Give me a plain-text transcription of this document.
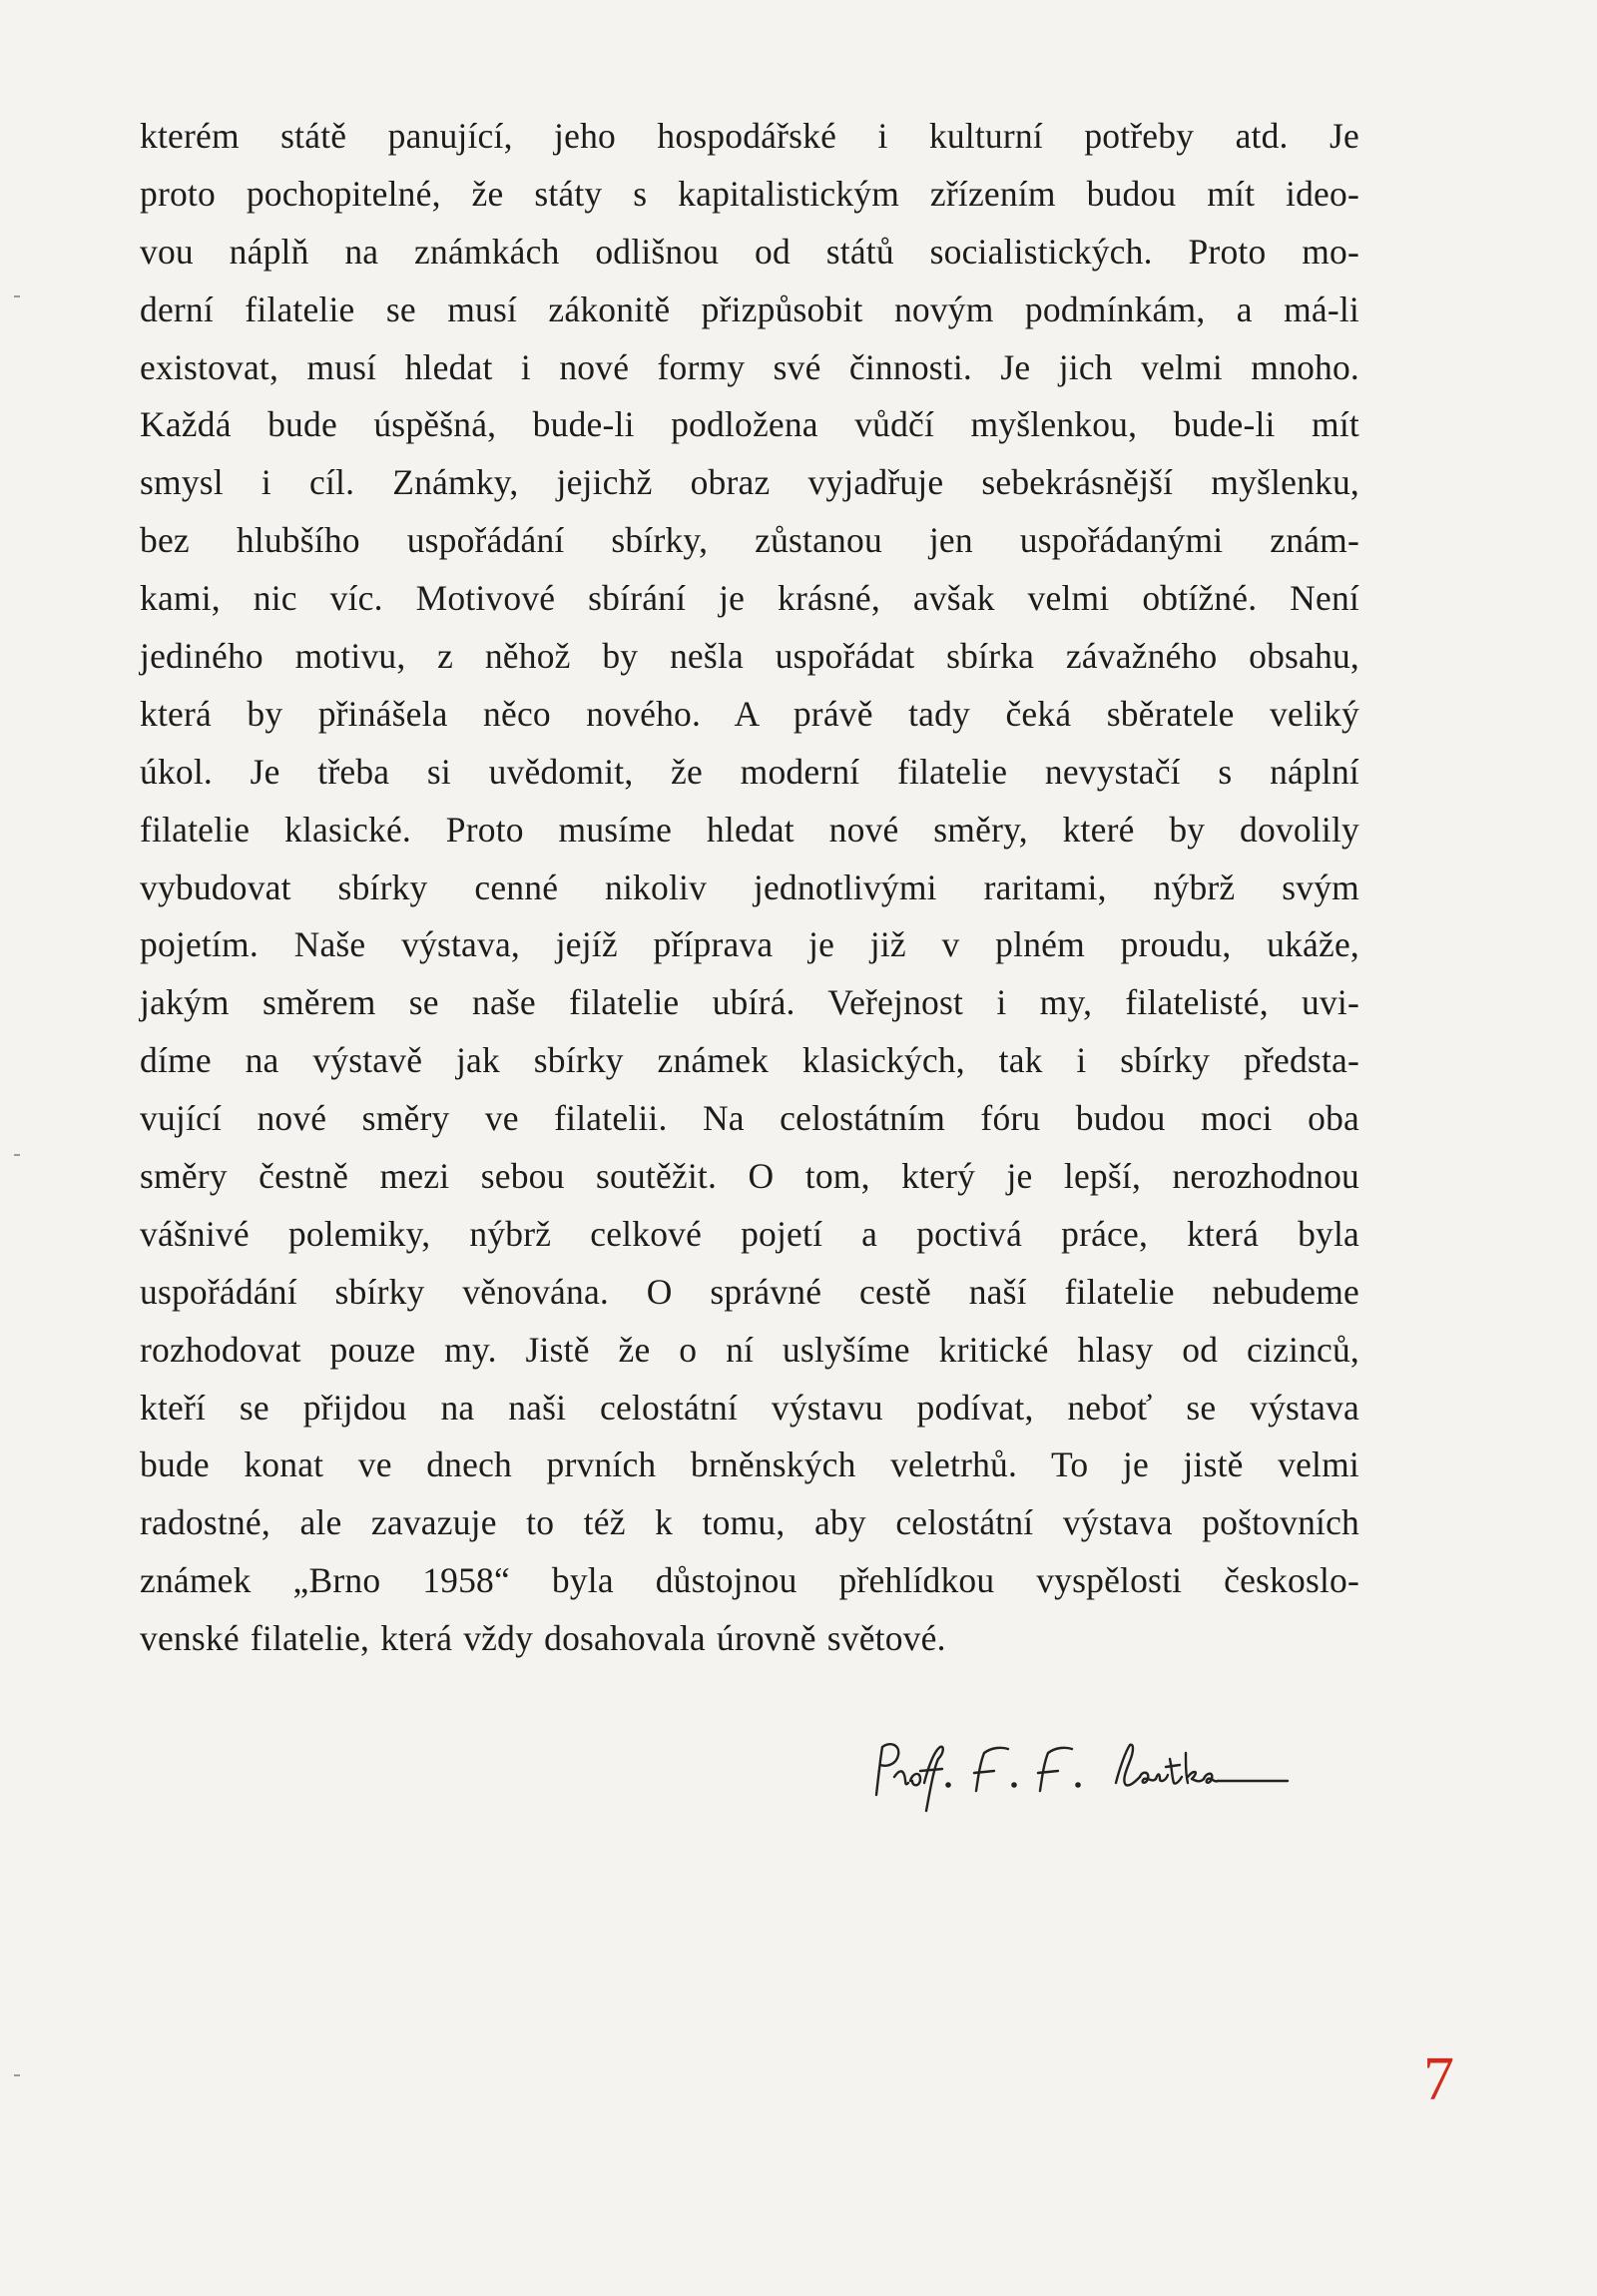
kterém státě panující, jeho hospodářské i kulturní potřeby atd. Je
proto pochopitelné, že státy s kapitalistickým zřízením budou mít ideo-
vou náplň na známkách odlišnou od států socialistických. Proto mo-
derní filatelie se musí zákonitě přizpůsobit novým podmínkám, a má-li
existovat, musí hledat i nové formy své činnosti. Je jich velmi mnoho.
Každá bude úspěšná, bude-li podložena vůdčí myšlenkou, bude-li mít
smysl i cíl. Známky, jejichž obraz vyjadřuje sebekrásnější myšlenku,
bez hlubšího uspořádání sbírky, zůstanou jen uspořádanými znám-
kami, nic víc. Motivové sbírání je krásné, avšak velmi obtížné. Není
jediného motivu, z něhož by nešla uspořádat sbírka závažného obsahu,
která by přinášela něco nového. A právě tady čeká sběratele veliký
úkol. Je třeba si uvědomit, že moderní filatelie nevystačí s náplní
filatelie klasické. Proto musíme hledat nové směry, které by dovolily
vybudovat sbírky cenné nikoliv jednotlivými raritami, nýbrž svým
pojetím. Naše výstava, jejíž příprava je již v plném proudu, ukáže,
jakým směrem se naše filatelie ubírá. Veřejnost i my, filatelisté, uvi-
díme na výstavě jak sbírky známek klasických, tak i sbírky předsta-
vující nové směry ve filatelii. Na celostátním fóru budou moci oba
směry čestně mezi sebou soutěžit. O tom, který je lepší, nerozhodnou
vášnivé polemiky, nýbrž celkové pojetí a poctivá práce, která byla
uspořádání sbírky věnována. O správné cestě naší filatelie nebudeme
rozhodovat pouze my. Jistě že o ní uslyšíme kritické hlasy od cizinců,
kteří se přijdou na naši celostátní výstavu podívat, neboť se výstava
bude konat ve dnech prvních brněnských veletrhů. To je jistě velmi
radostné, ale zavazuje to též k tomu, aby celostátní výstava poštovních
známek „Brno 1958“ byla důstojnou přehlídkou vyspělosti českoslo-
venské filatelie, která vždy dosahovala úrovně světové.
7
